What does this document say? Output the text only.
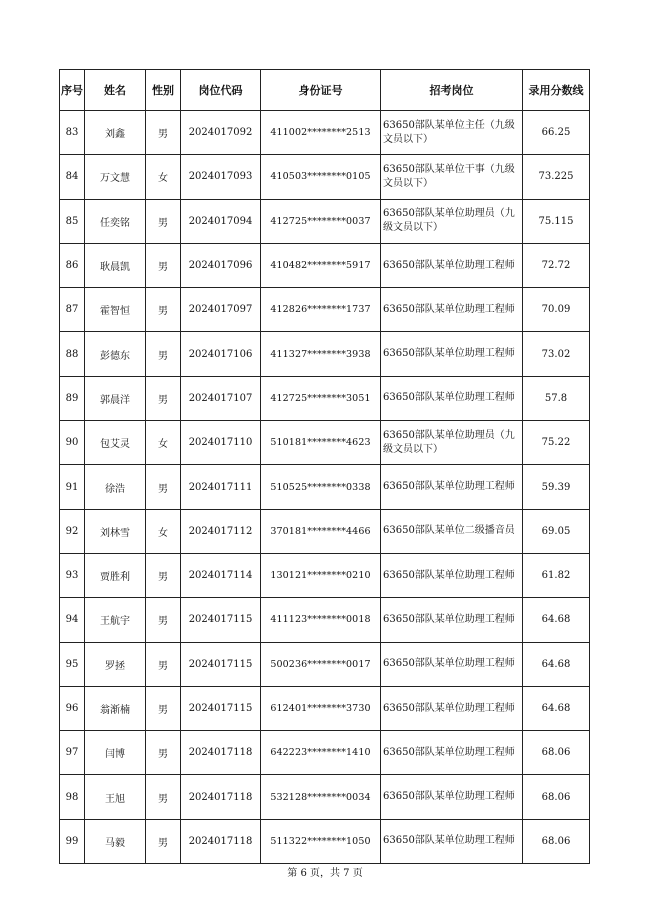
序号	姓名	性别	岗位代码	身份证号	招考岗位	录用分数线
83	刘鑫	男	2024017092	411002********2513	63650部队某单位主任（九级文员以下）	66.25
84	万文慧	女	2024017093	410503********0105	63650部队某单位干事（九级文员以下）	73.225
85	任奕铭	男	2024017094	412725********0037	63650部队某单位助理员（九级文员以下）	75.115
86	耿晨凯	男	2024017096	410482********5917	63650部队某单位助理工程师	72.72
87	霍智恒	男	2024017097	412826********1737	63650部队某单位助理工程师	70.09
88	彭德东	男	2024017106	411327********3938	63650部队某单位助理工程师	73.02
89	郭晨洋	男	2024017107	412725********3051	63650部队某单位助理工程师	57.8
90	包艾灵	女	2024017110	510181********4623	63650部队某单位助理员（九级文员以下）	75.22
91	徐浩	男	2024017111	510525********0338	63650部队某单位助理工程师	59.39
92	刘林雪	女	2024017112	370181********4466	63650部队某单位二级播音员	69.05
93	贾胜利	男	2024017114	130121********0210	63650部队某单位助理工程师	61.82
94	王航宇	男	2024017115	411123********0018	63650部队某单位助理工程师	64.68
95	罗拯	男	2024017115	500236********0017	63650部队某单位助理工程师	64.68
96	翁渐楠	男	2024017115	612401********3730	63650部队某单位助理工程师	64.68
97	闫博	男	2024017118	642223********1410	63650部队某单位助理工程师	68.06
98	王旭	男	2024017118	532128********0034	63650部队某单位助理工程师	68.06
99	马毅	男	2024017118	511322********1050	63650部队某单位助理工程师	68.06
第 6 页，共 7 页
